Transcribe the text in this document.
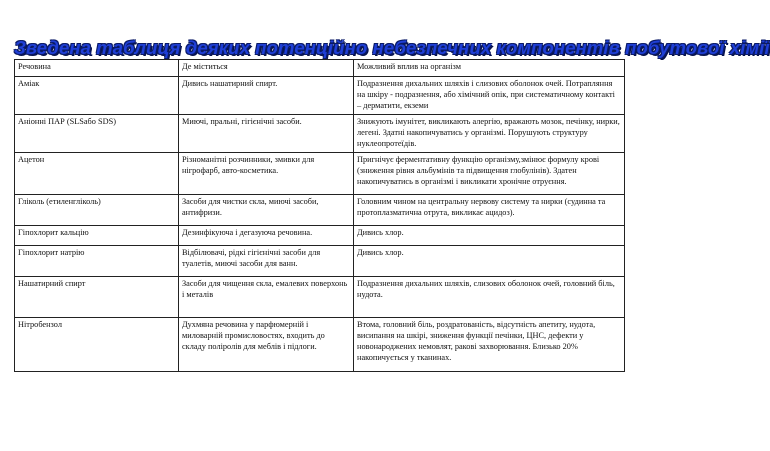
Зведена таблиця деяких потенційно небезпечних компонентів побутової хімії
Речовина	Де міститься	Можливий вплив на організм
Аміак	Дивись нашатирний спирт.	Подразнення дихальних шляхів і слизових оболонок очей. Потрапляння на шкіру - подразнення, або хімічний опік, при систематичному контакті – дерматити, екземи
Аніонні ПАР (SLSабо SDS)	Миючі, пральні, гігієнічні засоби.	Знижують імунітет, викликають алергію, вражають мозок, печінку, нирки, легені. Здатні накопичуватись у організмі. Порушують структуру нуклеопротеїдів.
Ацетон	Різноманітні розчинники, змивки для нігрофарб, авто-косметика.	Пригнічує ферментативну функцію організму,змінює формулу крові (зниження рівня альбумінів та підвищення глобулінів). Здатен накопичуватись в організмі і викликати хронічне отруєння.
Гліколь (етиленгліколь)	Засоби для чистки скла, миючі засоби, антифризи.	Головним чином на центральну нервову систему та нирки (судинна та протоплазматична отрута, викликає ацидоз).
Гіпохлорит кальцію	Дезинфікуюча і дегазуюча речовина.	Дивись хлор.
Гіпохлорит натрію	Відбілювачі, рідкі гігієнічні засоби для туалетів, миючі засоби для ванн.	Дивись хлор.
Нашатирний спирт	Засоби для чищення скла, емалевих поверхонь і металів	Подразнення дихальних шляхів, слизових оболонок очей, головний біль, нудота.
Нітробензол	Духмяна речовина у парфюмерній і миловарній промисловостях, входить до складу поліролів для меблів і підлоги.	Втома, головний біль, роздратованість, відсутність апетиту, нудота, висипання на шкірі, зниження функції печінки, ЦНС, дефекти у новонароджених немовлят, ракові захворювання. Близько 20% накопичується у тканинах.
